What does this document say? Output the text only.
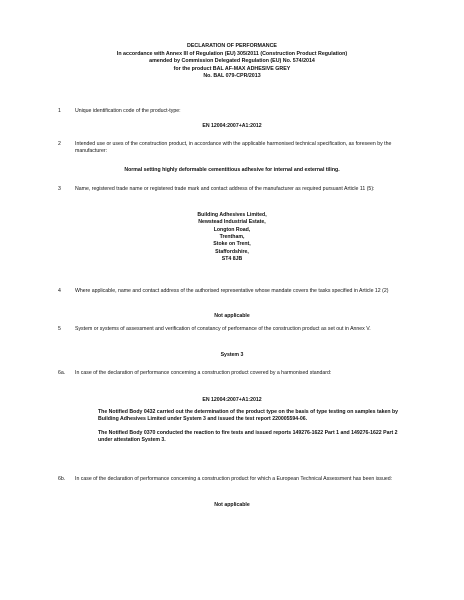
DECLARATION OF PERFORMANCE
In accordance with Annex III of Regulation (EU) 305/2011 (Construction Product Regulation)
amended by Commission Delegated Regulation (EU) No. 574/2014
for the product BAL AF-MAX ADHESIVE GREY
No. BAL 079-CPR/2013
1	Unique identification code of the product-type:
EN 12004:2007+A1:2012
2	Intended use or uses of the construction product, in accordance with the applicable harmonised technical specification, as foreseen by the manufacturer:
Normal setting highly deformable cementitious adhesive for internal and external tiling.
3	Name, registered trade name or registered trade mark and contact address of the manufacturer as required pursuant Article 11 (5):
Building Adhesives Limited,
Newstead Industrial Estate,
Longton Road,
Trentham,
Stoke on Trent,
Staffordshire,
ST4 8JB
4	Where applicable, name and contact address of the authorised representative whose mandate covers the tasks specified in Article 12 (2)
Not applicable
5	System or systems of assessment and verification of constancy of performance of the construction product as set out in Annex V.
System 3
6a. In case of the declaration of performance concerning a construction product covered by a harmonised standard:
EN 12004:2007+A1:2012
The Notified Body 0432 carried out the determination of the product type on the basis of type testing on samples taken by Building Adhesives Limited under System 3 and issued the test report 220005594-06.
The Notified Body 0370 conducted the reaction to fire tests and issued reports 149276-1622 Part 1 and 149276-1622 Part 2 under attestation System 3.
6b. In case of the declaration of performance concerning a construction product for which a European Technical Assessment has been issued:
Not applicable
